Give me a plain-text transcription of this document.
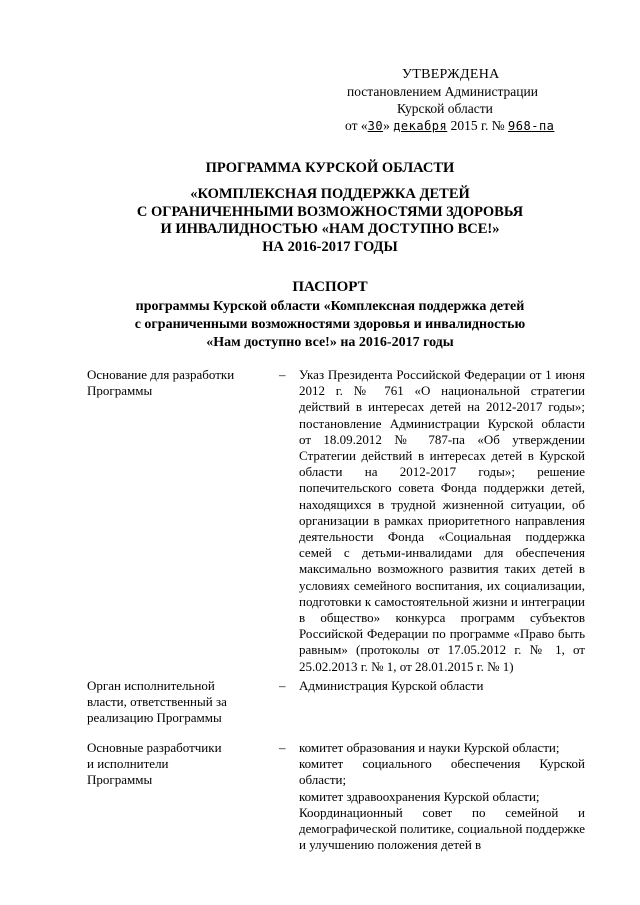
УТВЕРЖДЕНА
постановлением Администрации
Курской области
от «30» декабря 2015 г. № 968-па
ПРОГРАММА КУРСКОЙ ОБЛАСТИ
«КОМПЛЕКСНАЯ ПОДДЕРЖКА ДЕТЕЙ
С ОГРАНИЧЕННЫМИ ВОЗМОЖНОСТЯМИ ЗДОРОВЬЯ
И ИНВАЛИДНОСТЬЮ «НАМ ДОСТУПНО ВСЕ!»
НА 2016-2017 ГОДЫ
ПАСПОРТ
программы Курской области «Комплексная поддержка детей
с ограниченными возможностями здоровья и инвалидностью
«Нам доступно все!» на 2016-2017 годы
Основание для разработки
Программы
– Указ Президента Российской Федерации от 1 июня 2012 г. № 761 «О национальной стратегии действий в интересах детей на 2012-2017 годы»; постановление Администрации Курской области от 18.09.2012 № 787-па «Об утверждении Стратегии действий в интересах детей в Курской области на 2012-2017 годы»; решение попечительского совета Фонда поддержки детей, находящихся в трудной жизненной ситуации, об организации в рамках приоритетного направления деятельности Фонда «Социальная поддержка семей с детьми-инвалидами для обеспечения максимально возможного развития таких детей в условиях семейного воспитания, их социализации, подготовки к самостоятельной жизни и интеграции в общество» конкурса программ субъектов Российской Федерации по программе «Право быть равным» (протоколы от 17.05.2012 г. № 1, от 25.02.2013 г. № 1, от 28.01.2015 г. № 1)
Орган исполнительной
власти, ответственный за
реализацию Программы
– Администрация Курской области
Основные разработчики
и исполнители
Программы
– комитет образования и науки Курской области;

комитет социального обеспечения Курской области;

комитет здравоохранения Курской области;

Координационный совет по семейной и демографической политике, социальной поддержке и улучшению положения детей в
